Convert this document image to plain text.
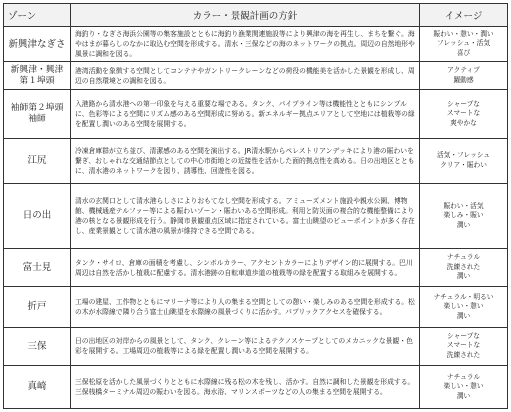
ゾーン	カラー・景観計画の方針	イメージ

新興津なぎさ	海釣り・なぎさ海浜公園等の集客施設とともに海釣り漁業関連施設等により興津の海を再生し、まちを繋ぐ。海やはまが暮らしのなかに取込む空間を形成する。清水・三保などの海のネットワークの拠点。周辺の自然地形や風景に調和を図る。	賑わい・憩い・潤い
フレッシュ・活気
喜び

新興津・興津
第１埠頭	港湾活動を象徴する空間としてコンテナやガントリークレーンなどの荷役の機能美を活かした景観を形成し、周辺の自然環境との調和を図る。	アクティブ
躍動感

袖師第２埠頭
袖師	入港路から清水港への第一印象を与える重要な場である。タンク、パイプライン等は機能性とともにシンプルに、色彩等による空間にリズム感のある空間形成に努める。新エネルギー拠点エリアとして空地には植栽等の緑を配置し潤いのある空間を展開する。	シャープな
スマートな
爽やかな

江尻	冷凍倉庫群が立ち並び、清潔感のある空間を演出する。JR清水駅からペレストリアンデッキにより港の賑わいを繋ぎ、おしゃれな交通結節点としての中心市街地との近接性を活かした面的拠点性を高める。日の出地区とともに、清水港のネットワークを図り、誘導性、回遊性を図る。	活気・フレッシュ
クリア・賑わい

日の出	清水の玄関口として清水港らしさによりおもてなし空間を形成する。アミューズメント施設や親水公園、博物館、機械通産テルファー等による賑わいゾーン・賑わいある空間形成。利用と防災面の複合的な機能整備により港の核となる景観形成を行う。静岡市景観重点区域に指定されている。富士山眺望のビューポイントが多く存在し、産業景観として清水港の風景が維持できる空間である。	賑わい・活気
楽しみ・賑い
潤い

富士見	タンク・サイロ、倉庫の面積を考慮し、シンボルカラー、アクセントカラーによりデザイン的に展開する。巴川周辺は自然を活かし植栽に配慮する。清水港跡の自転車道歩道の植栽等の緑を配置する取組みを展開する。	ナチュラル
洗練された
潤い

折戸	工場の建屋、工作物とともにマリーナ等により人の集まる空間としての憩い・楽しみのある空間を形成する。松の木が水際線で隣り合う富士山眺望を水際線の風景づくりに活かす。パブリックアクセスを確保する。	ナチュラル・明るい
楽しい・憩い
潤い

三保	日の出地区の対岸からの風景として、タンク、クレーン等によるテクノスケープとしてのメカニックな景観・色彩を展開する。工場周辺の植栽等による緑を配置し潤いある空間を展開する。	シャープな
スマートな
洗練された

真崎	三保松原を活かした風景づくりとともに水際線に残る松の木を残し、活かす。自然に調和した景観を形成する。三保桟橋ターミナル周辺の賑わいを図る。海水浴、マリンスポーツなどの人の集まる空間を展開する。	ナチュラル
楽しい・憩い
潤い
